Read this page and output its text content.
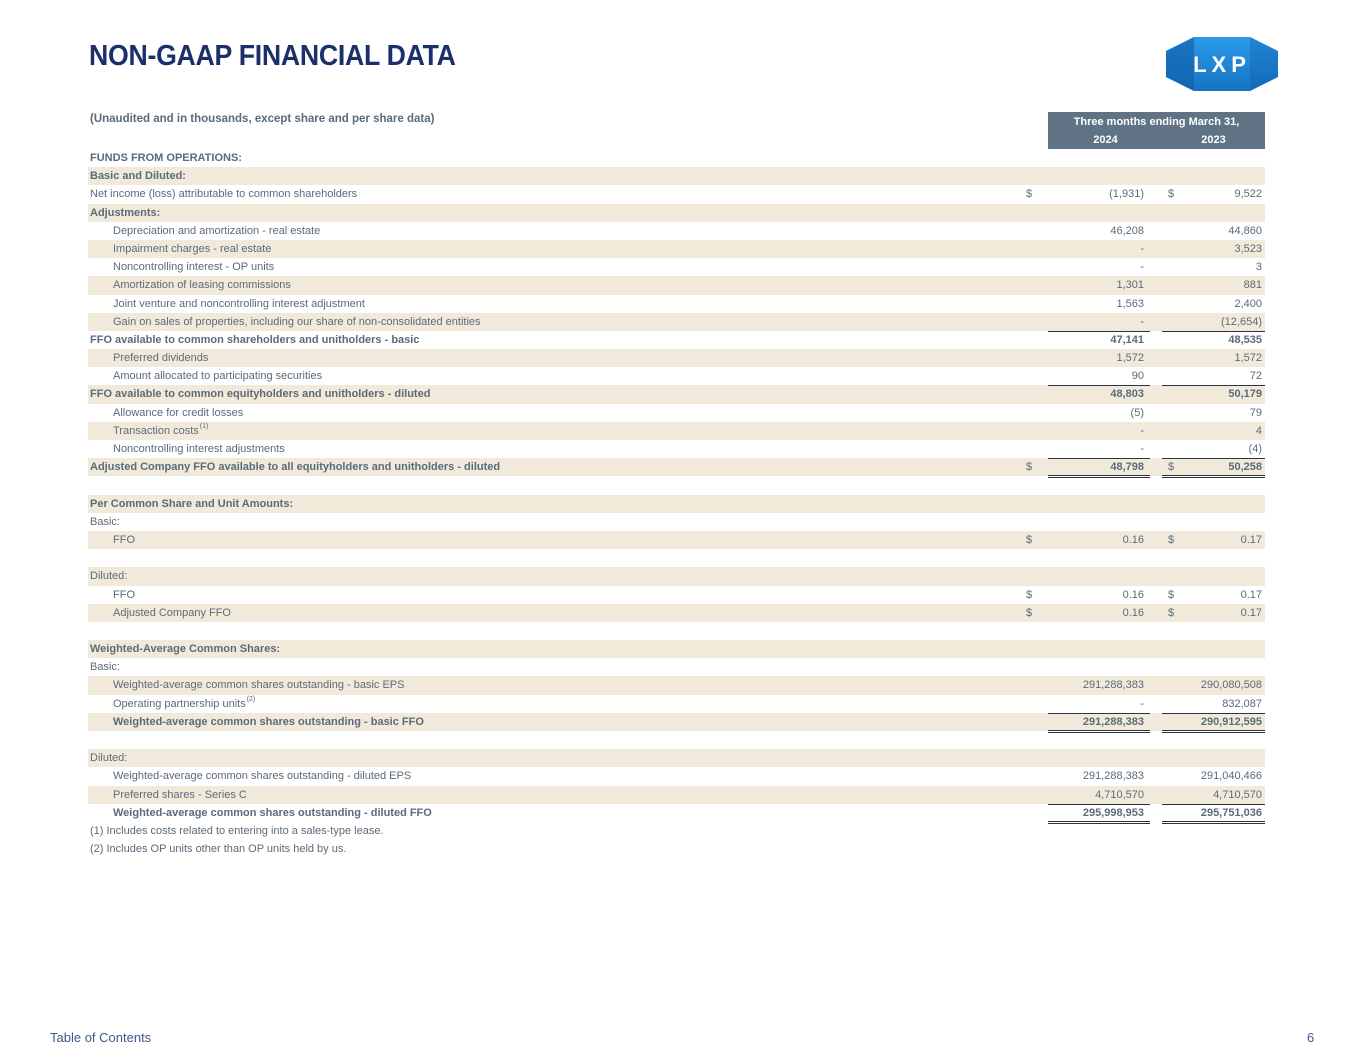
NON-GAAP FINANCIAL DATA	LXP
(Unaudited and in thousands, except share and per share data)	Three months ending March 31,
2024	2023
FUNDS FROM OPERATIONS:
Basic and Diluted:
Net income (loss) attributable to common shareholders	$	(1,931) $	9,522
Adjustments:
Depreciation and amortization - real estate	46,208	44,860
Impairment charges - real estate	-	3,523
Noncontrolling interest - OP units	-	3
Amortization of leasing commissions	1,301	881
Joint venture and noncontrolling interest adjustment	1,563	2,400
Gain on sales of properties, including our share of non-consolidated entities	-	(12,654)
FFO available to common shareholders and unitholders - basic	47,141	48,535
Preferred dividends	1,572	1,572
Amount allocated to participating securities	90	72
FFO available to common equityholders and unitholders - diluted	48,803	50,179
Allowance for credit losses	(5)	79
Transaction costs$^{(1)}$	-	4
Noncontrolling interest adjustments	-	(4)
Adjusted Company FFO available to all equityholders and unitholders - diluted	$	48,798 $	50,258
Per Common Share and Unit Amounts:
Basic:
FFO	$	0.16 $	0.17
Diluted:
FFO	$	0.16 $	0.17
Adjusted Company FFO	$	0.16 $	0.17
Weighted-Average Common Shares:
Basic:
Weighted-average common shares outstanding - basic EPS	291,288,383	290,080,508
Operating partnership units$^{(2)}$	-	832,087
Weighted-average common shares outstanding - basic FFO	291,288,383	290,912,595
Diluted:
Weighted-average common shares outstanding - diluted EPS	291,288,383	291,040,466
Preferred shares - Series C	4,710,570	4,710,570
Weighted-average common shares outstanding - diluted FFO	295,998,953	295,751,036
(1) Includes costs related to entering into a sales-type lease.
(2) Includes OP units other than OP units held by us.
Table of Contents	6
